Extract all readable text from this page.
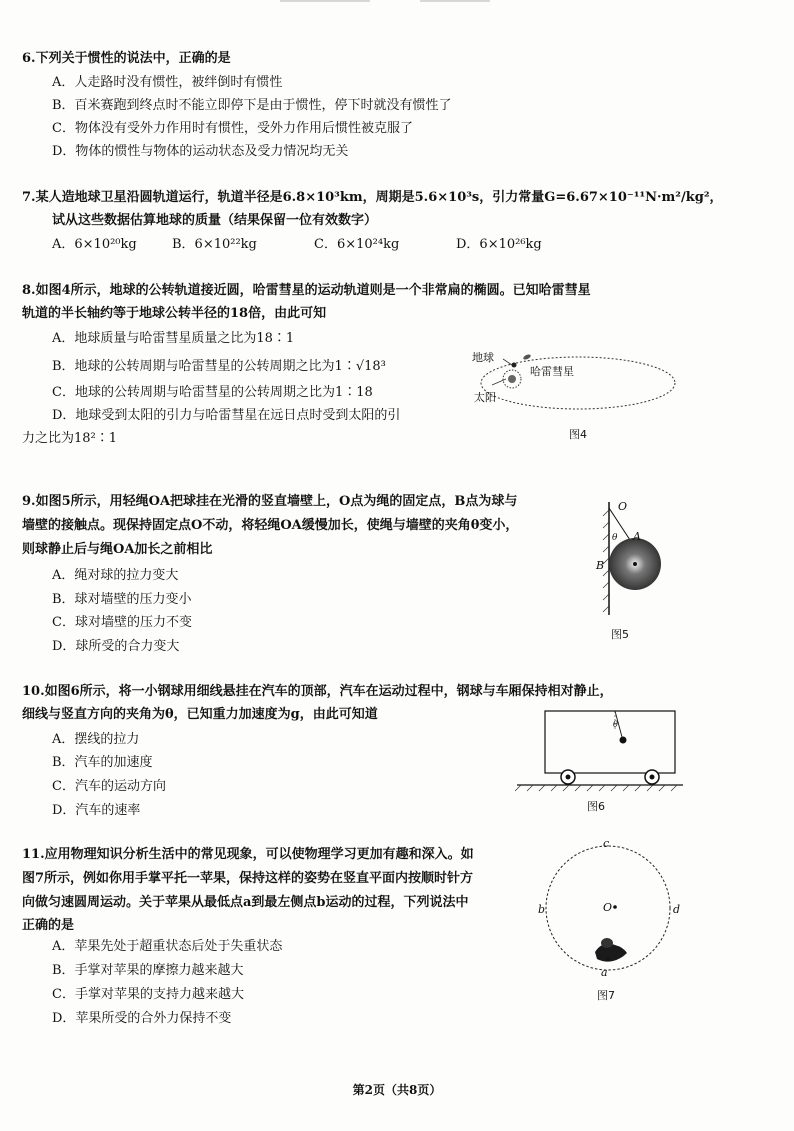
6.下列关于惯性的说法中，正确的是
A．人走路时没有惯性，被绊倒时有惯性
B．百米赛跑到终点时不能立即停下是由于惯性，停下时就没有惯性了
C．物体没有受外力作用时有惯性，受外力作用后惯性被克服了
D．物体的惯性与物体的运动状态及受力情况均无关
7.某人造地球卫星沿圆轨道运行，轨道半径是6.8×10³km，周期是5.6×10³s，引力常量G=6.67×10⁻¹¹N·m²/kg²，
试从这些数据估算地球的质量（结果保留一位有效数字）
A．6×10²⁰kg	B．6×10²²kg	C．6×10²⁴kg	D．6×10²⁶kg
8.如图4所示，地球的公转轨道接近圆，哈雷彗星的运动轨道则是一个非常扁的椭圆。已知哈雷彗星
轨道的半长轴约等于地球公转半径的18倍，由此可知
A．地球质量与哈雷彗星质量之比为18∶1
B．地球的公转周期与哈雷彗星的公转周期之比为1∶√18³
C．地球的公转周期与哈雷彗星的公转周期之比为1∶18
D．地球受到太阳的引力与哈雷彗星在远日点时受到太阳的引
力之比为18²∶1
地球
太阳
哈雷彗星
图4
9.如图5所示，用轻绳OA把球挂在光滑的竖直墙壁上，O点为绳的固定点，B点为球与
墙壁的接触点。现保持固定点O不动，将轻绳OA缓慢加长，使绳与墙壁的夹角θ变小，
则球静止后与绳OA加长之前相比
A．绳对球的拉力变大
B．球对墙壁的压力变小
C．球对墙壁的压力不变
D．球所受的合力变大
O
A
B
θ
图5
10.如图6所示，将一小钢球用细线悬挂在汽车的顶部，汽车在运动过程中，钢球与车厢保持相对静止，
细线与竖直方向的夹角为θ，已知重力加速度为g，由此可知道
A．摆线的拉力
B．汽车的加速度
C．汽车的运动方向
D．汽车的速率
θ
图6
11.应用物理知识分析生活中的常见现象，可以使物理学习更加有趣和深入。如
图7所示，例如你用手掌平托一苹果，保持这样的姿势在竖直平面内按顺时针方
向做匀速圆周运动。关于苹果从最低点a到最左侧点b运动的过程，下列说法中
正确的是
A．苹果先处于超重状态后处于失重状态
B．手掌对苹果的摩擦力越来越大
C．手掌对苹果的支持力越来越大
D．苹果所受的合外力保持不变
c
b	d
a
O
图7
第2页（共8页）
